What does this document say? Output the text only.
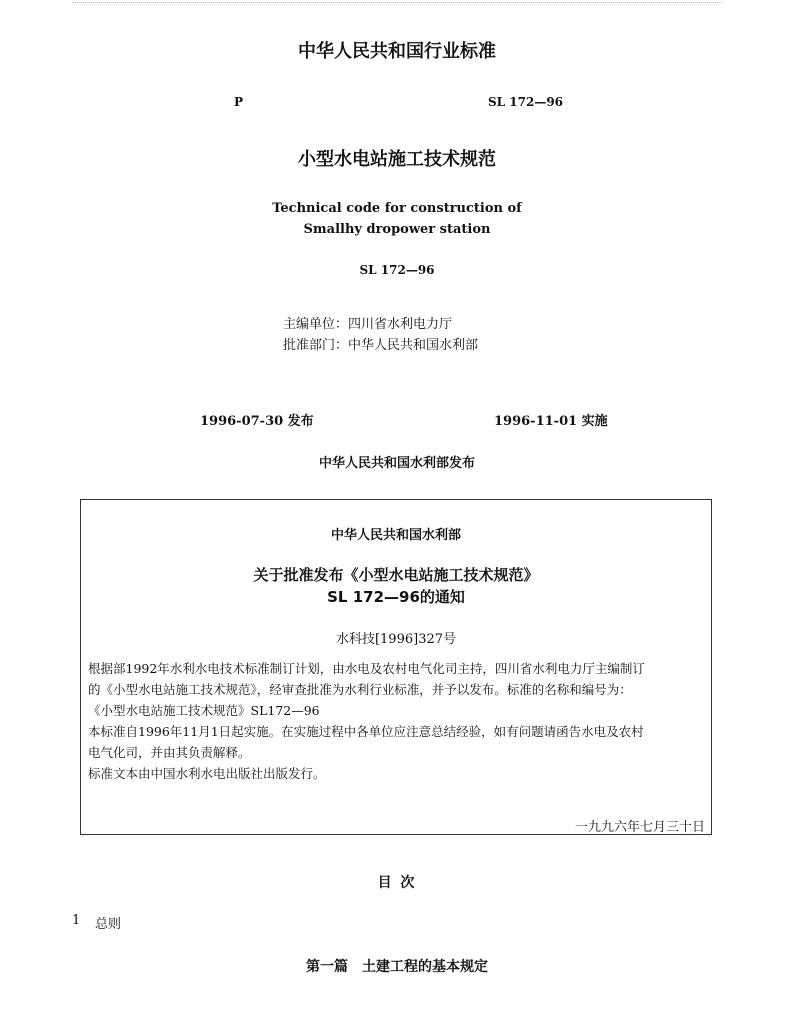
中华人民共和国行业标准
P	SL 172—96
小型水电站施工技术规范
Technical code for construction of
Smallhy dropower station
SL 172—96
主编单位：四川省水利电力厅
批准部门：中华人民共和国水利部
1996-07-30 发布	1996-11-01 实施
中华人民共和国水利部发布
中华人民共和国水利部
关于批准发布《小型水电站施工技术规范》
SL 172—96的通知
水科技[1996]327号
根据部1992年水利水电技术标准制订计划，由水电及农村电气化司主持，四川省水利电力厅主编制订
的《小型水电站施工技术规范》，经审查批准为水利行业标准，并予以发布。标准的名称和编号为：
《小型水电站施工技术规范》SL172—96
本标准自1996年11月1日起实施。在实施过程中各单位应注意总结经验，如有问题请函告水电及农村
电气化司，并由其负责解释。
标准文本由中国水利水电出版社出版发行。
一九九六年七月三十日
目 次
1 总则
第一篇　土建工程的基本规定
